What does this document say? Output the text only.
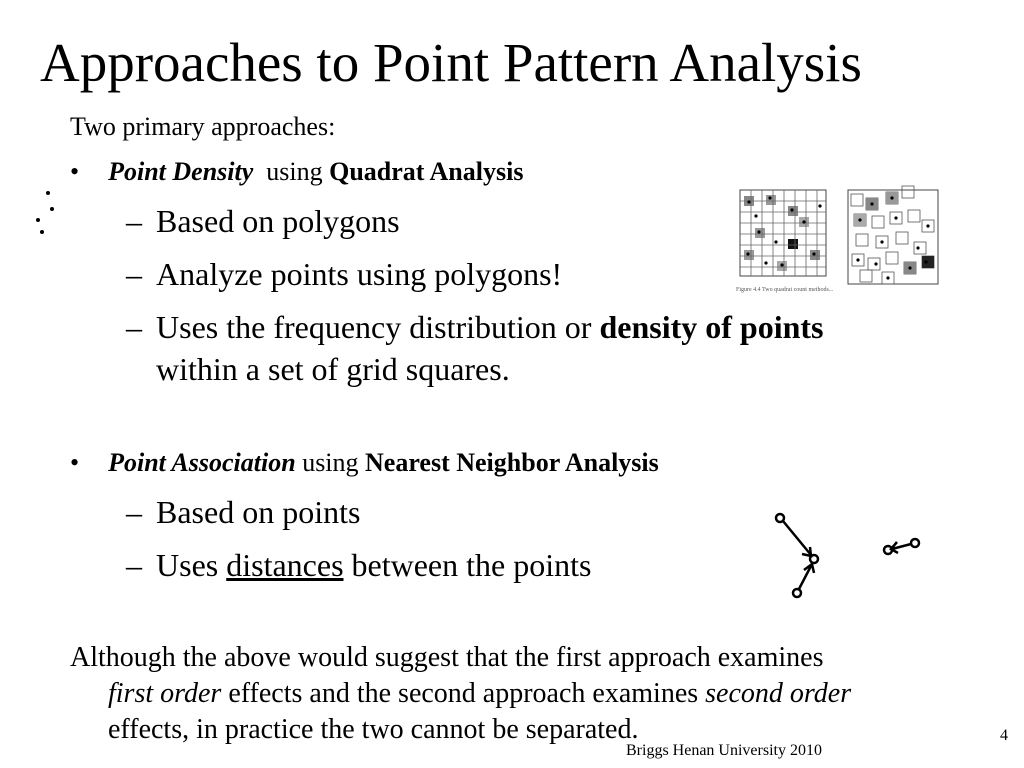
Approaches to Point Pattern Analysis
Two primary approaches:
• Point Density using Quadrat Analysis
– Based on polygons
– Analyze points using polygons!
– Uses the frequency distribution or density of points
within a set of grid squares.
Figure 4.4 Two quadrat count methods...
• Point Association using Nearest Neighbor Analysis
– Based on points
– Uses distances between the points
Although the above would suggest that the first approach examines
first order effects and the second approach examines second order
effects, in practice the two cannot be separated.
Briggs Henan University 2010
4
